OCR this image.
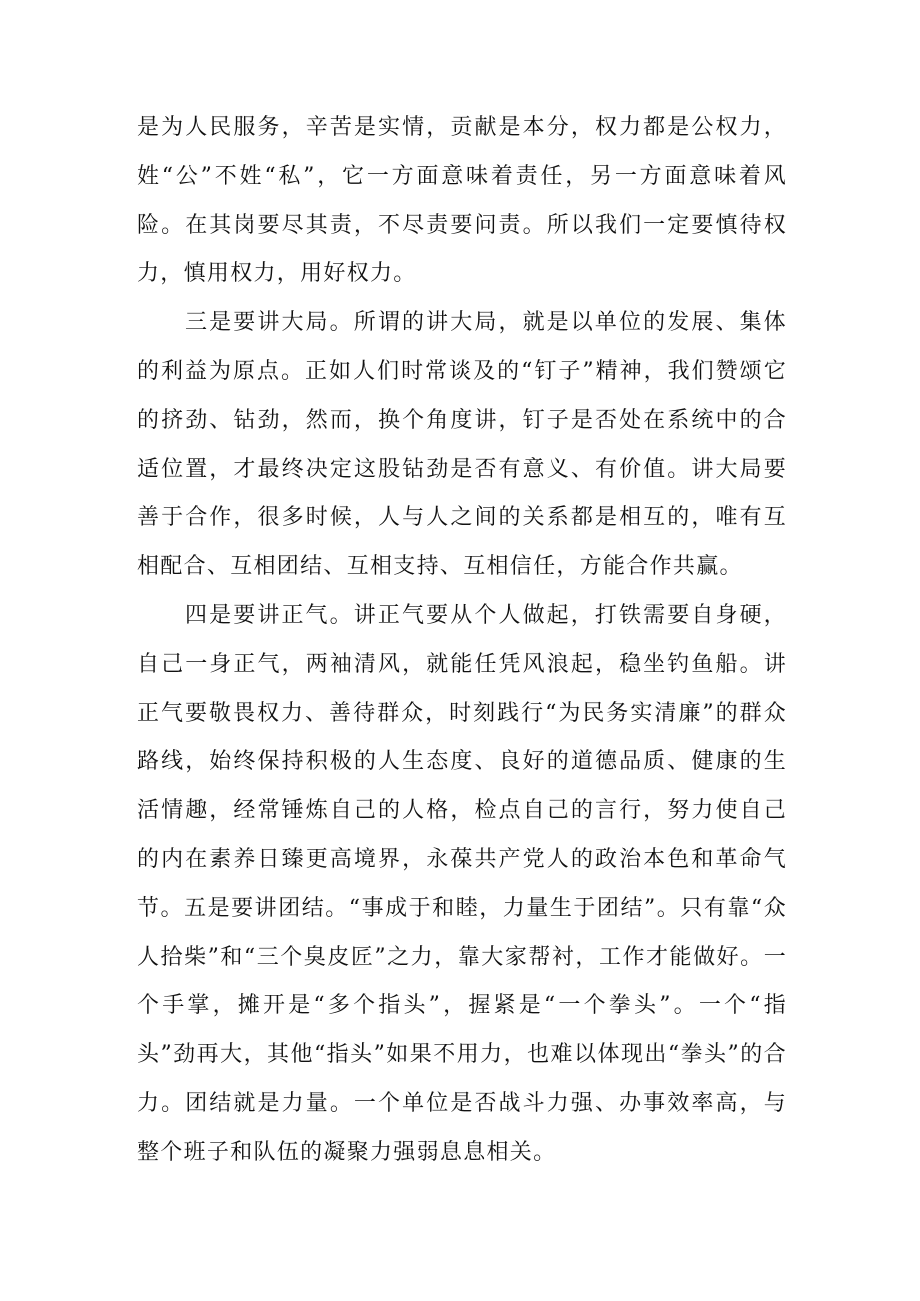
是为人民服务，辛苦是实情，贡献是本分，权力都是公权力，姓“公”不姓“私”，它一方面意味着责任，另一方面意味着风险。在其岗要尽其责，不尽责要问责。所以我们一定要慎待权力，慎用权力，用好权力。

三是要讲大局。所谓的讲大局，就是以单位的发展、集体的利益为原点。正如人们时常谈及的“钉子”精神，我们赞颂它的挤劲、钻劲，然而，换个角度讲，钉子是否处在系统中的合适位置，才最终决定这股钻劲是否有意义、有价值。讲大局要善于合作，很多时候，人与人之间的关系都是相互的，唯有互相配合、互相团结、互相支持、互相信任，方能合作共赢。

四是要讲正气。讲正气要从个人做起，打铁需要自身硬，自己一身正气，两袖清风，就能任凭风浪起，稳坐钓鱼船。讲正气要敬畏权力、善待群众，时刻践行“为民务实清廉”的群众路线，始终保持积极的人生态度、良好的道德品质、健康的生活情趣，经常锤炼自己的人格，检点自己的言行，努力使自己的内在素养日臻更高境界，永葆共产党人的政治本色和革命气节。五是要讲团结。“事成于和睦，力量生于团结”。只有靠“众人拾柴”和“三个臭皮匠”之力，靠大家帮衬，工作才能做好。一个手掌，摊开是“多个指头”，握紧是“一个拳头”。一个“指头”劲再大，其他“指头”如果不用力，也难以体现出“拳头”的合力。团结就是力量。一个单位是否战斗力强、办事效率高，与整个班子和队伍的凝聚力强弱息息相关。
